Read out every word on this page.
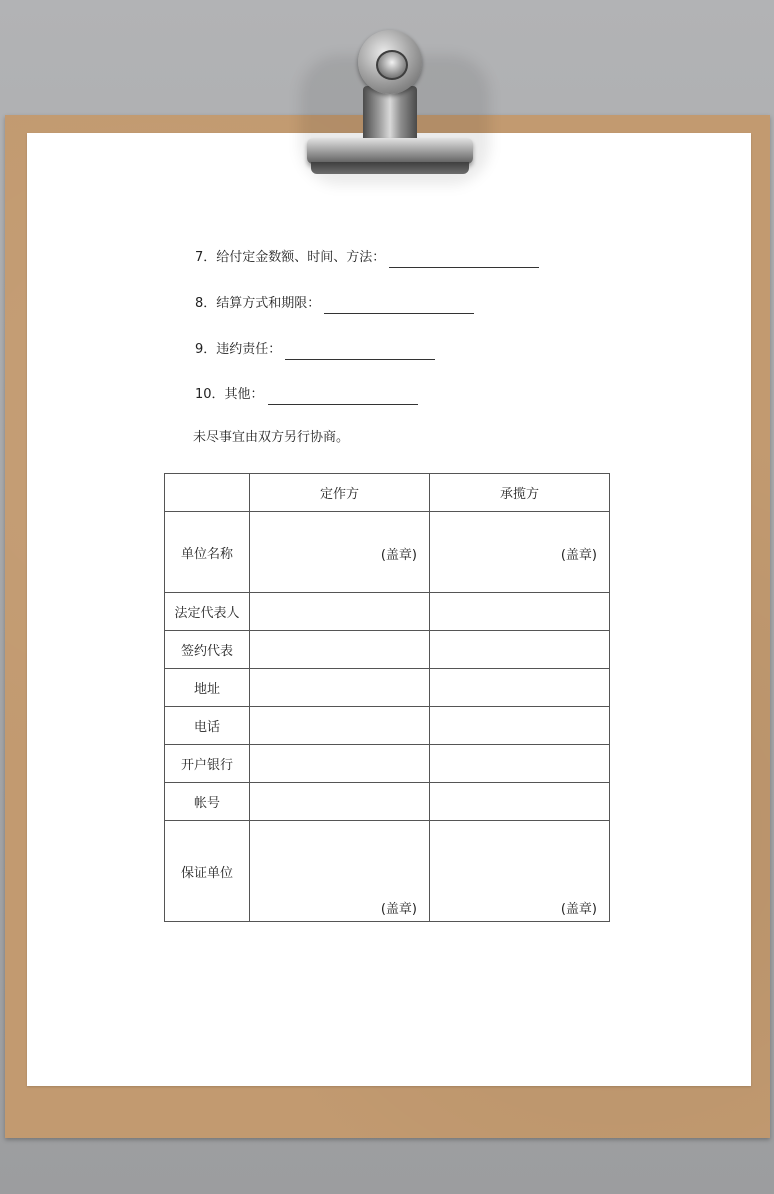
7．给付定金数额、时间、方法：
8．结算方式和期限：
9．违约责任：
10．其他：
未尽事宜由双方另行协商。
	定作方	承揽方
单位名称	(盖章)	(盖章)

法定代表人		
签约代表		
地址		
电话		
开户银行		
帐号		
保证单位	(盖章)	(盖章)
